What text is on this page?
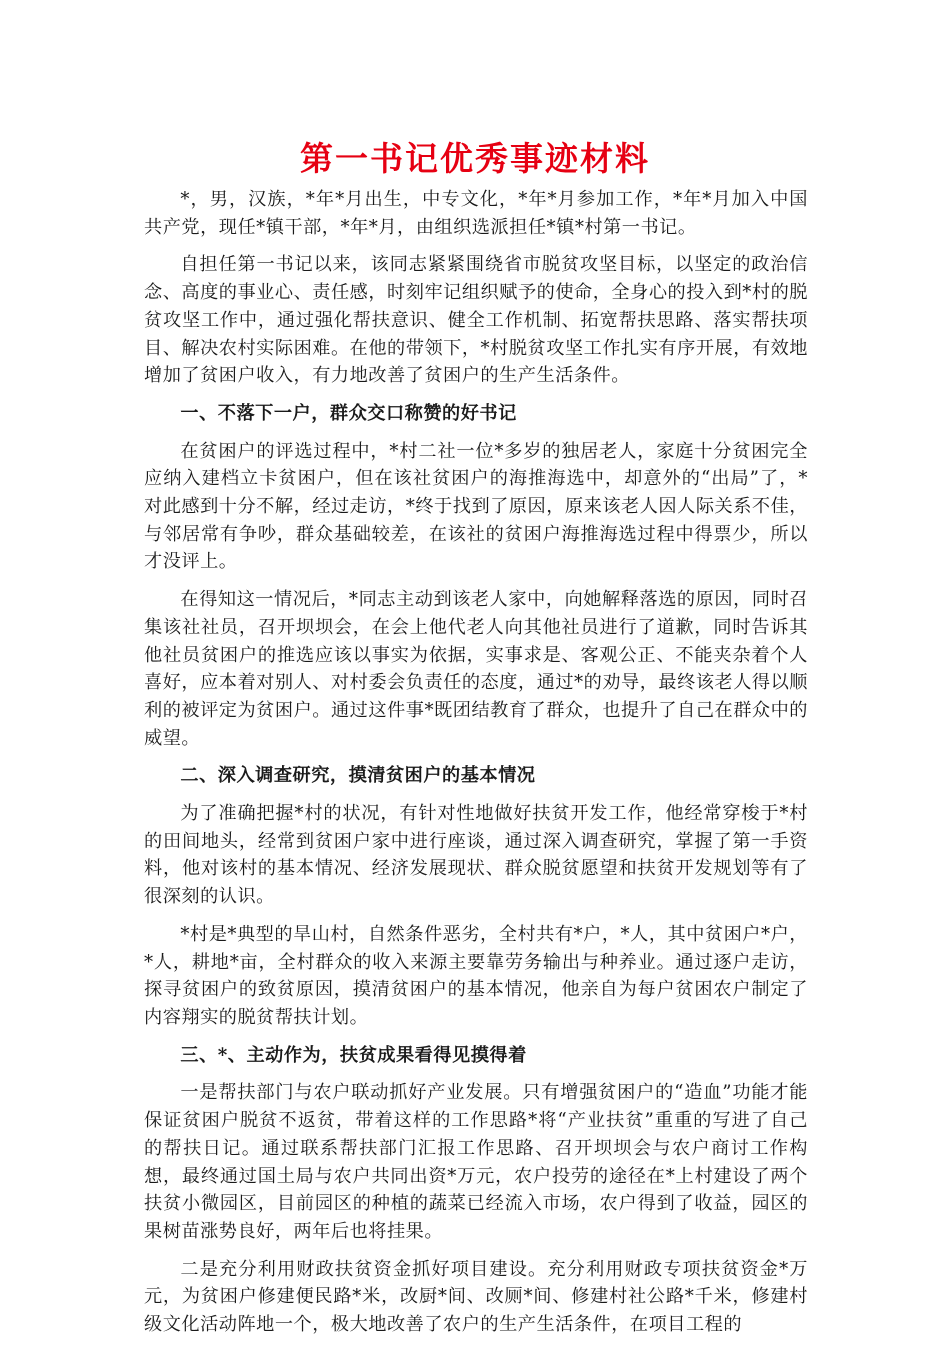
第一书记优秀事迹材料

*，男，汉族，*年*月出生，中专文化，*年*月参加工作，*年*月加入中国共产党，现任*镇干部，*年*月，由组织选派担任*镇*村第一书记。

自担任第一书记以来，该同志紧紧围绕省市脱贫攻坚目标，以坚定的政治信念、高度的事业心、责任感，时刻牢记组织赋予的使命，全身心的投入到*村的脱贫攻坚工作中，通过强化帮扶意识、健全工作机制、拓宽帮扶思路、落实帮扶项目、解决农村实际困难。在他的带领下，*村脱贫攻坚工作扎实有序开展，有效地增加了贫困户收入，有力地改善了贫困户的生产生活条件。

一、不落下一户，群众交口称赞的好书记

在贫困户的评选过程中，*村二社一位*多岁的独居老人，家庭十分贫困完全应纳入建档立卡贫困户，但在该社贫困户的海推海选中，却意外的“出局”了，*对此感到十分不解，经过走访，*终于找到了原因，原来该老人因人际关系不佳，与邻居常有争吵，群众基础较差，在该社的贫困户海推海选过程中得票少，所以才没评上。

在得知这一情况后，*同志主动到该老人家中，向她解释落选的原因，同时召集该社社员，召开坝坝会，在会上他代老人向其他社员进行了道歉，同时告诉其他社员贫困户的推选应该以事实为依据，实事求是、客观公正、不能夹杂着个人喜好，应本着对别人、对村委会负责任的态度，通过*的劝导，最终该老人得以顺利的被评定为贫困户。通过这件事*既团结教育了群众，也提升了自己在群众中的威望。

二、深入调查研究，摸清贫困户的基本情况

为了准确把握*村的状况，有针对性地做好扶贫开发工作，他经常穿梭于*村的田间地头，经常到贫困户家中进行座谈，通过深入调查研究，掌握了第一手资料，他对该村的基本情况、经济发展现状、群众脱贫愿望和扶贫开发规划等有了很深刻的认识。

*村是*典型的旱山村，自然条件恶劣，全村共有*户，*人，其中贫困户*户，*人，耕地*亩，全村群众的收入来源主要靠劳务输出与种养业。通过逐户走访，探寻贫困户的致贫原因，摸清贫困户的基本情况，他亲自为每户贫困农户制定了内容翔实的脱贫帮扶计划。

三、*、主动作为，扶贫成果看得见摸得着

一是帮扶部门与农户联动抓好产业发展。只有增强贫困户的“造血”功能才能保证贫困户脱贫不返贫，带着这样的工作思路*将“产业扶贫”重重的写进了自己的帮扶日记。通过联系帮扶部门汇报工作思路、召开坝坝会与农户商讨工作构想，最终通过国土局与农户共同出资*万元，农户投劳的途径在*上村建设了两个扶贫小微园区，目前园区的种植的蔬菜已经流入市场，农户得到了收益，园区的果树苗涨势良好，两年后也将挂果。

二是充分利用财政扶贫资金抓好项目建设。充分利用财政专项扶贫资金*万元，为贫困户修建便民路*米，改厨*间、改厕*间、修建村社公路*千米，修建村级文化活动阵地一个，极大地改善了农户的生产生活条件，在项目工程的
